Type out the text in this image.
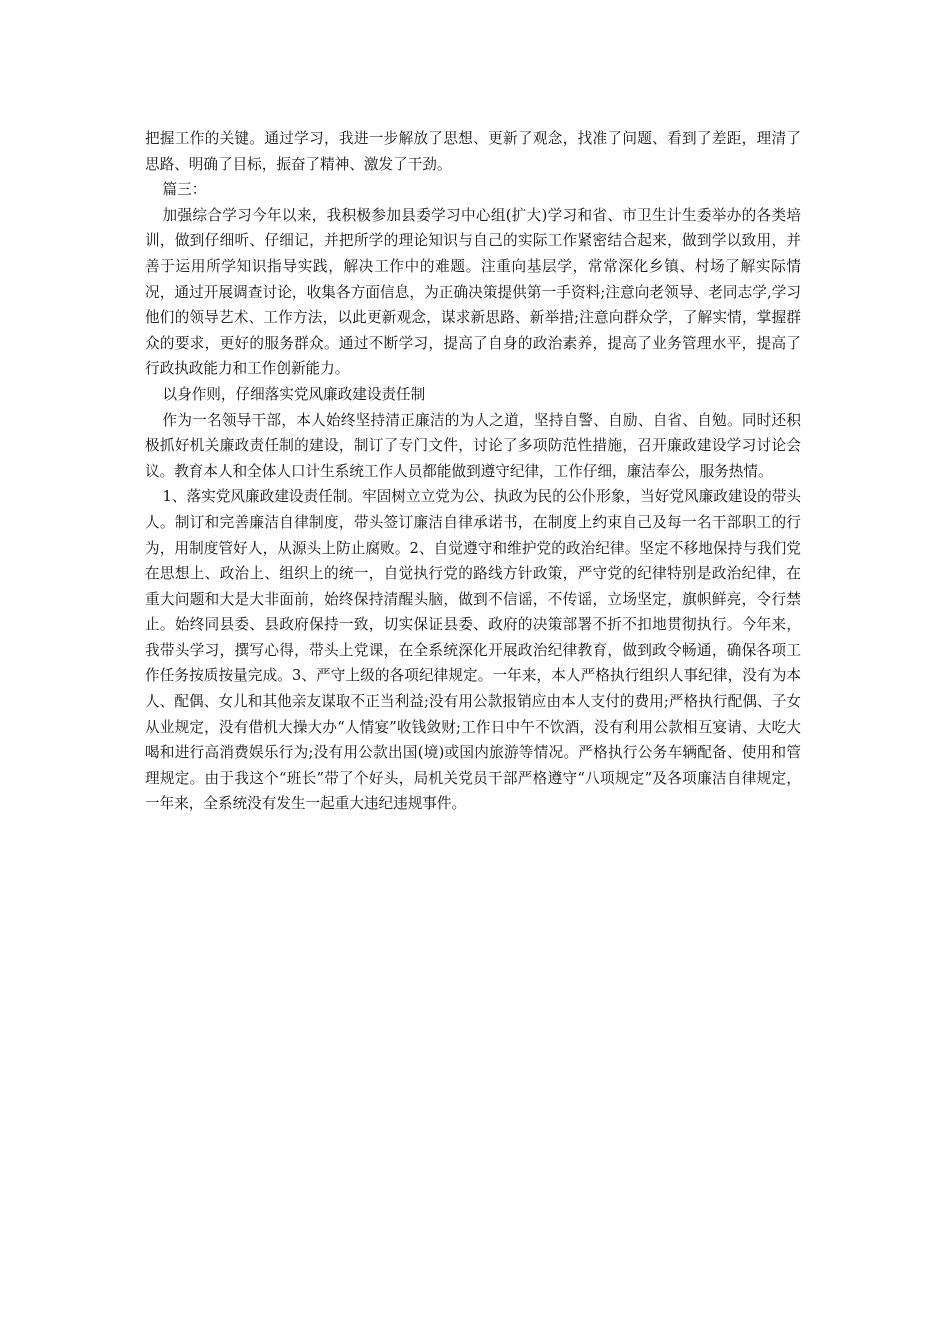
把握工作的关键。通过学习，我进一步解放了思想、更新了观念，找准了问题、看到了差距，理清了思路、明确了目标，振奋了精神、激发了干劲。

篇三：

加强综合学习今年以来，我积极参加县委学习中心组(扩大)学习和省、市卫生计生委举办的各类培训，做到仔细听、仔细记，并把所学的理论知识与自己的实际工作紧密结合起来，做到学以致用，并善于运用所学知识指导实践，解决工作中的难题。注重向基层学，常常深化乡镇、村场了解实际情况，通过开展调查讨论，收集各方面信息，为正确决策提供第一手资料;注意向老领导、老同志学,学习他们的领导艺术、工作方法，以此更新观念，谋求新思路、新举措;注意向群众学，了解实情，掌握群众的要求，更好的服务群众。通过不断学习，提高了自身的政治素养，提高了业务管理水平，提高了行政执政能力和工作创新能力。

以身作则，仔细落实党风廉政建设责任制

作为一名领导干部，本人始终坚持清正廉洁的为人之道，坚持自警、自励、自省、自勉。同时还积极抓好机关廉政责任制的建设，制订了专门文件，讨论了多项防范性措施，召开廉政建设学习讨论会议。教育本人和全体人口计生系统工作人员都能做到遵守纪律，工作仔细，廉洁奉公，服务热情。

1、落实党风廉政建设责任制。牢固树立立党为公、执政为民的公仆形象，当好党风廉政建设的带头人。制订和完善廉洁自律制度，带头签订廉洁自律承诺书，在制度上约束自己及每一名干部职工的行为，用制度管好人，从源头上防止腐败。2、自觉遵守和维护党的政治纪律。坚定不移地保持与我们党在思想上、政治上、组织上的统一，自觉执行党的路线方针政策，严守党的纪律特别是政治纪律，在重大问题和大是大非面前，始终保持清醒头脑，做到不信谣，不传谣，立场坚定，旗帜鲜亮，令行禁止。始终同县委、县政府保持一致，切实保证县委、政府的决策部署不折不扣地贯彻执行。今年来，我带头学习，撰写心得，带头上党课，在全系统深化开展政治纪律教育，做到政令畅通，确保各项工作任务按质按量完成。3、严守上级的各项纪律规定。一年来，本人严格执行组织人事纪律，没有为本人、配偶、女儿和其他亲友谋取不正当利益;没有用公款报销应由本人支付的费用;严格执行配偶、子女从业规定，没有借机大操大办“人情宴”收钱敛财;工作日中午不饮酒，没有利用公款相互宴请、大吃大喝和进行高消费娱乐行为;没有用公款出国(境)或国内旅游等情况。严格执行公务车辆配备、使用和管理规定。由于我这个“班长”带了个好头，局机关党员干部严格遵守“八项规定”及各项廉洁自律规定，一年来，全系统没有发生一起重大违纪违规事件。
